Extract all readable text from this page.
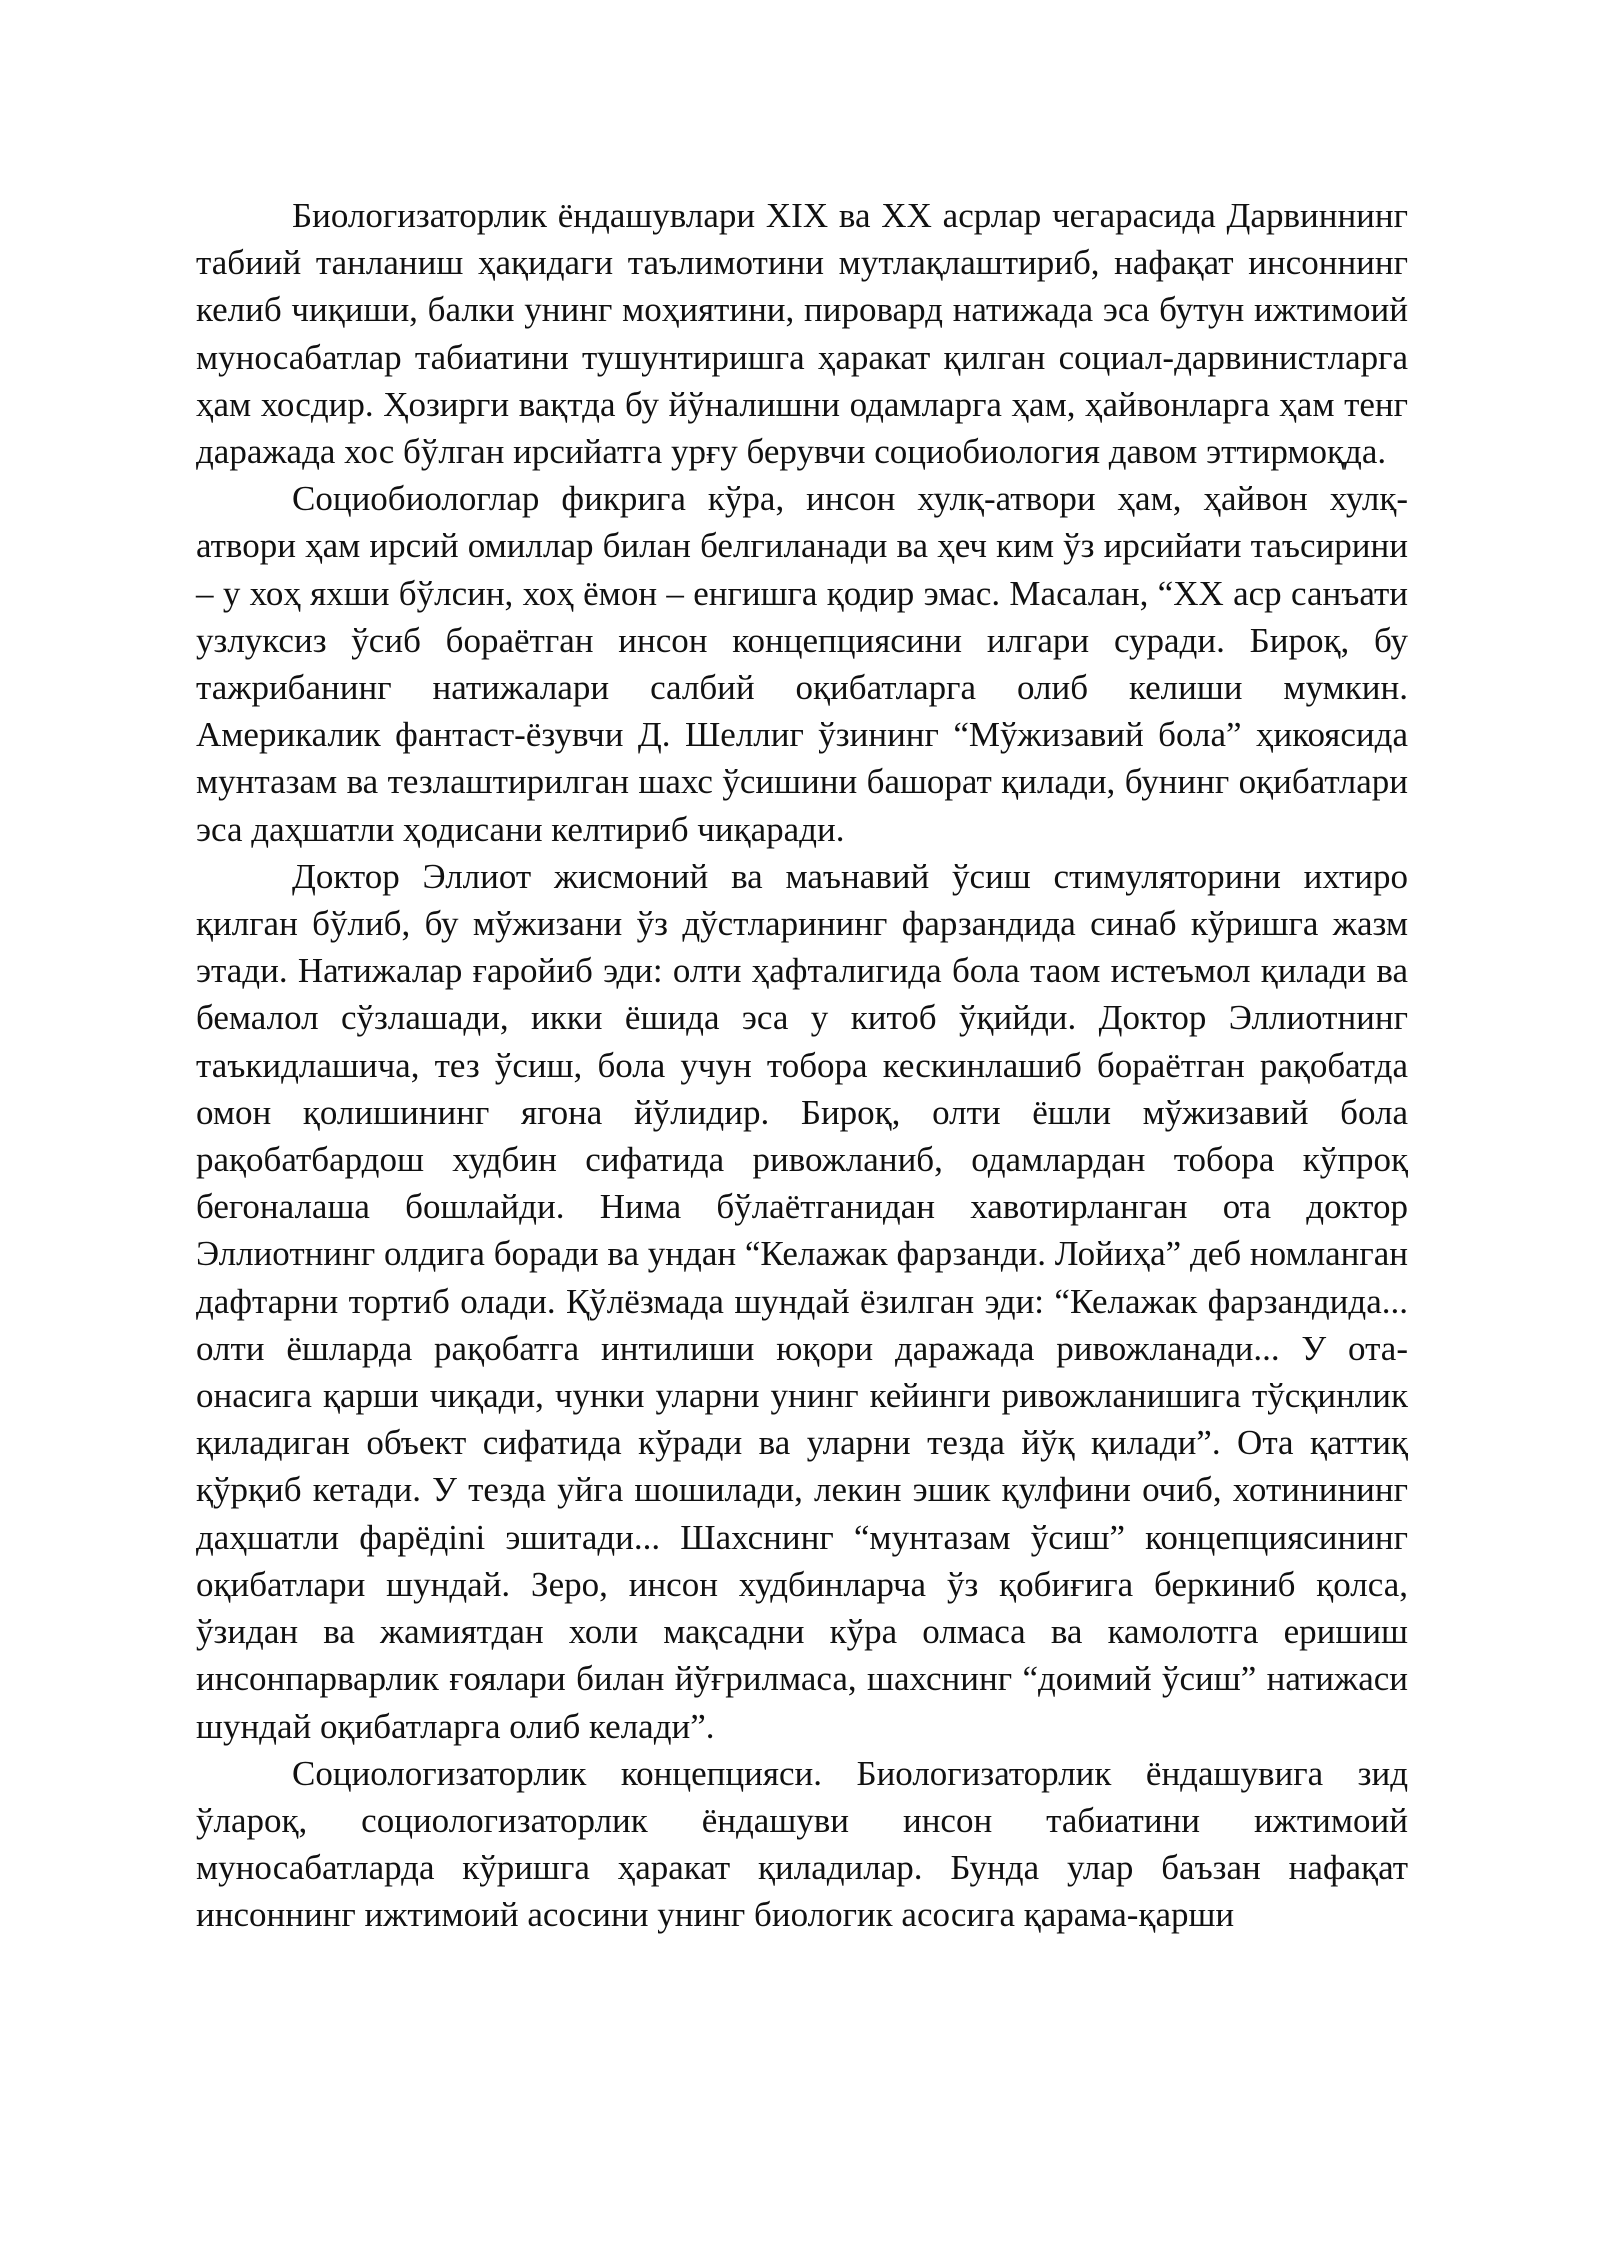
Биологизаторлик ёндашувлари XIX ва XX асрлар чегарасида Дарвиннинг табиий танланиш ҳақидаги таълимотини мутлақлаштириб, нафақат инсоннинг келиб чиқиши, балки унинг моҳиятини, пировард натижада эса бутун ижтимоий муносабатлар табиатини тушунтиришга ҳаракат қилган социал-дарвинистларга ҳам хосдир. Ҳозирги вақтда бу йўналишни одамларга ҳам, ҳайвонларга ҳам тенг даражада хос бўлган ирсийатга урғу берувчи социобиология давом эттирмоқда.

Социобиологлар фикрига кўра, инсон хулқ-атвори ҳам, ҳайвон хулқ-атвори ҳам ирсий омиллар билан белгиланади ва ҳеч ким ўз ирсийати таъсирини – у хоҳ яхши бўлсин, хоҳ ёмон – енгишга қодир эмас. Масалан, “XX аср санъати узлуксиз ўсиб бораётган инсон концепциясини илгари суради. Бироқ, бу тажрибанинг натижалари салбий оқибатларга олиб келиши мумкин. Америкалик фантаст-ёзувчи Д. Шеллиг ўзининг “Мўжизавий бола” ҳикоясида мунтазам ва тезлаштирилган шахс ўсишини башорат қилади, бунинг оқибатлари эса даҳшатли ҳодисани келтириб чиқаради.

Доктор Эллиот жисмоний ва маънавий ўсиш стимуляторини ихтиро қилган бўлиб, бу мўжизани ўз дўстларининг фарзандида синаб кўришга жазм этади. Натижалар ғаройиб эди: олти ҳафталигида бола таом истеъмол қилади ва бемалол сўзлашади, икки ёшида эса у китоб ўқийди. Доктор Эллиотнинг таъкидлашича, тез ўсиш, бола учун тобора кескинлашиб бораётган рақобатда омон қолишининг ягона йўлидир. Бироқ, олти ёшли мўжизавий бола рақобатбардош худбин сифатида ривожланиб, одамлардан тобора кўпроқ бегоналаша бошлайди. Нима бўлаётганидан хавотирланган ота доктор Эллиотнинг олдига боради ва ундан “Келажак фарзанди. Лойиҳа” деб номланган дафтарни тортиб олади. Қўлёзмада шундай ёзилган эди: “Келажак фарзандида... олти ёшларда рақобатга интилиши юқори даражада ривожланади... У ота-онасига қарши чиқади, чунки уларни унинг кейинги ривожланишига тўсқинлик қиладиган объект сифатида кўради ва уларни тезда йўқ қилади”. Ота қаттиқ қўрқиб кетади. У тезда уйга шошилади, лекин эшик қулфини очиб, хотинининг даҳшатли фарёдini эшитади... Шахснинг “мунтазам ўсиш” концепциясининг оқибатлари шундай. Зеро, инсон худбинларча ўз қобиғига беркиниб қолса, ўзидан ва жамиятдан холи мақсадни кўра олмаса ва камолотга еришиш инсонпарварлик ғоялари билан йўғрилмаса, шахснинг “доимий ўсиш” натижаси шундай оқибатларга олиб келади”.

Социологизаторлик концепцияси. Биологизаторлик ёндашувига зид ўлароқ, социологизаторлик ёндашуви инсон табиатини ижтимоий муносабатларда кўришга ҳаракат қиладилар. Бунда улар баъзан нафақат инсоннинг ижтимоий асосини унинг биологик асосига қарама-қарши
